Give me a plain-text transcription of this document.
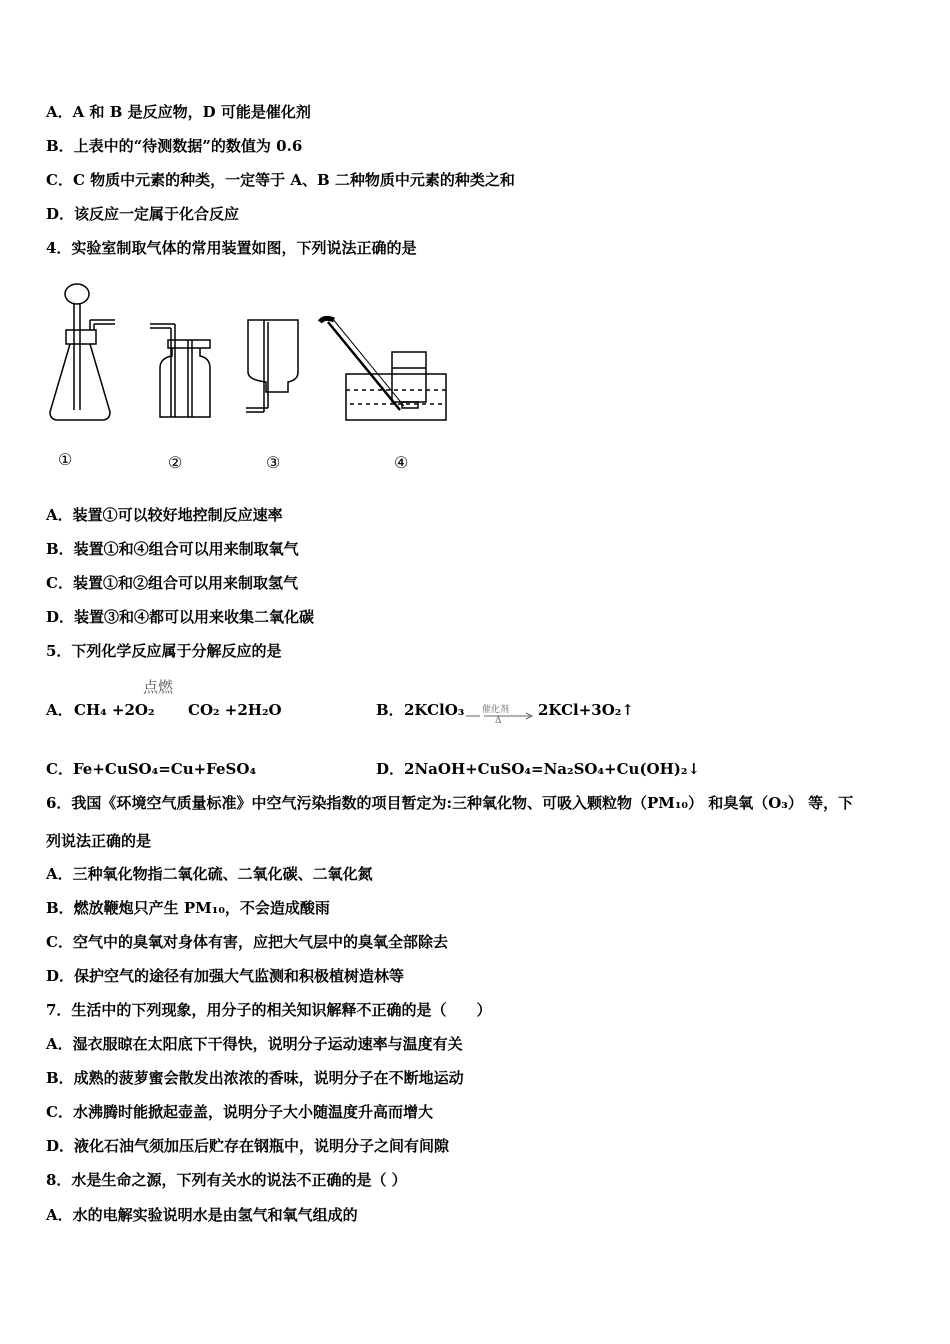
A．A 和 B 是反应物，D 可能是催化剂
B．上表中的“待测数据”的数值为 0.6
C．C 物质中元素的种类，一定等于 A、B 二种物质中元素的种类之和
D．该反应一定属于化合反应
4．实验室制取气体的常用装置如图，下列说法正确的是
①	②	③	④
A．装置①可以较好地控制反应速率
B．装置①和④组合可以用来制取氧气
C．装置①和②组合可以用来制取氢气
D．装置③和④都可以用来收集二氧化碳
5．下列化学反应属于分解反应的是
点燃
A． CH₄ +2O₂ CO₂ +2H₂O	B． 2KClO₃ 催化剂
Δ
2KCl+3O₂↑
C．Fe+CuSO₄=Cu+FeSO₄	D．2NaOH+CuSO₄=Na₂SO₄+Cu(OH)₂↓
6．我国《环境空气质量标准》中空气污染指数的项目暂定为:三种氧化物、可吸入颗粒物（PM₁₀） 和臭氧（O₃） 等，下
列说法正确的是
A．三种氧化物指二氧化硫、二氧化碳、二氧化氮
B．燃放鞭炮只产生 PM₁₀，不会造成酸雨
C．空气中的臭氧对身体有害，应把大气层中的臭氧全部除去
D．保护空气的途径有加强大气监测和积极植树造林等
7．生活中的下列现象，用分子的相关知识解释不正确的是（　　）
A．湿衣服晾在太阳底下干得快，说明分子运动速率与温度有关
B．成熟的菠萝蜜会散发出浓浓的香味，说明分子在不断地运动
C．水沸腾时能掀起壶盖，说明分子大小随温度升高而增大
D．液化石油气须加压后贮存在钢瓶中，说明分子之间有间隙
8．水是生命之源，下列有关水的说法不正确的是（ ）
A．水的电解实验说明水是由氢气和氧气组成的
